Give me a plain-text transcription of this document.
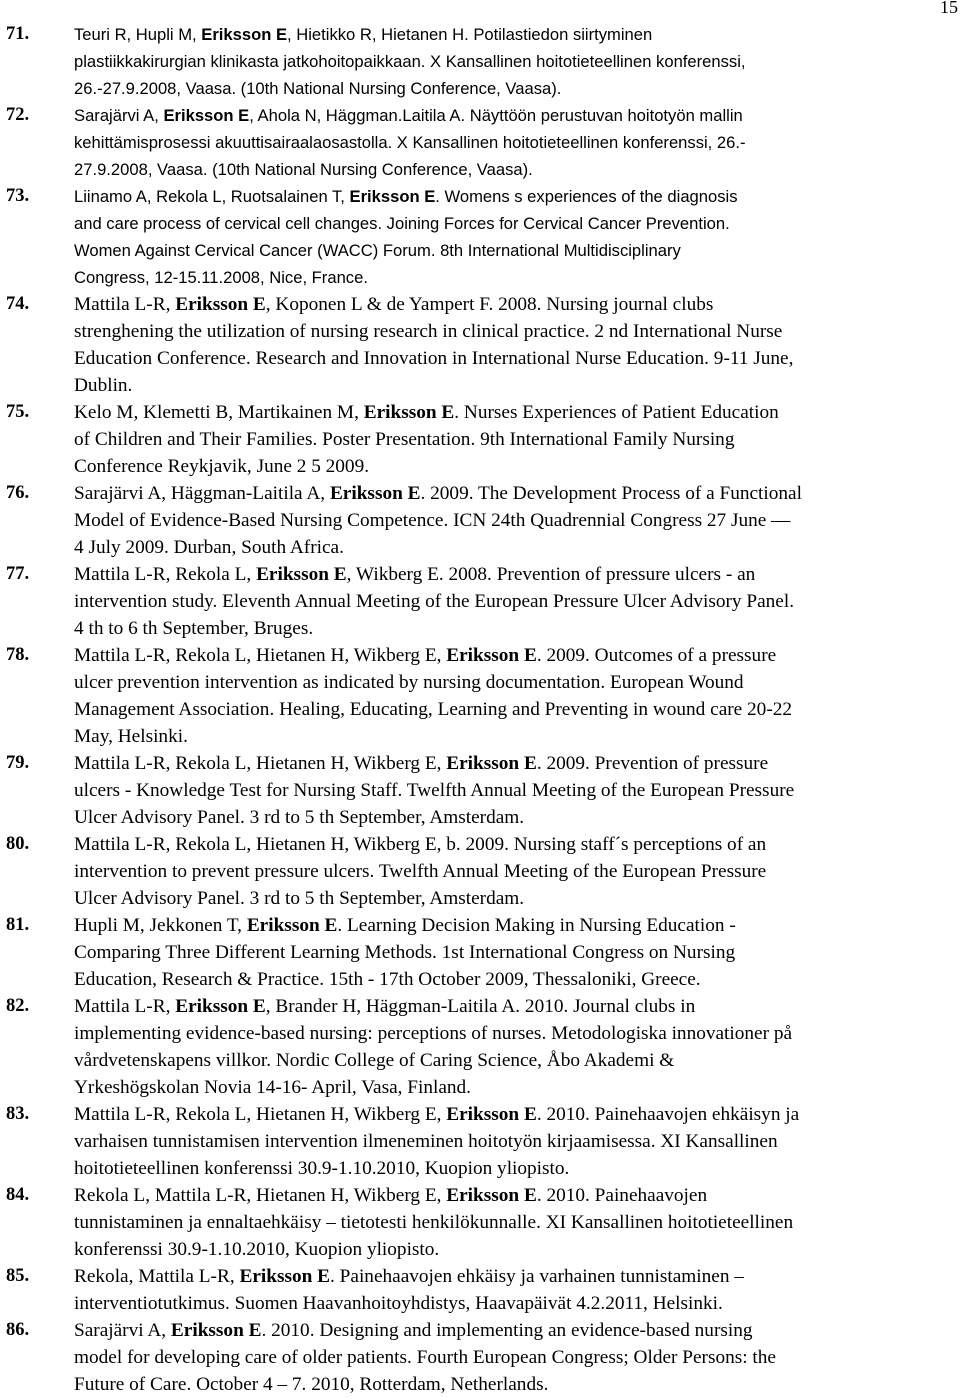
15
71.	Teuri R, Hupli M, Eriksson E, Hietikko R, Hietanen H. Potilastiedon siirtyminen
plastiikkakirurgian klinikasta jatkohoitopaikkaan. X Kansallinen hoitotieteellinen konferenssi,
26.-27.9.2008, Vaasa. (10th National Nursing Conference, Vaasa).
72.	Sarajärvi A, Eriksson E, Ahola N, Häggman.Laitila A. Näyttöön perustuvan hoitotyön mallin
kehittämisprosessi akuuttisairaalaosastolla. X Kansallinen hoitotieteellinen konferenssi, 26.-
27.9.2008, Vaasa. (10th National Nursing Conference, Vaasa).
73.	Liinamo A, Rekola L, Ruotsalainen T, Eriksson E. Womens s experiences of the diagnosis
and care process of cervical cell changes. Joining Forces for Cervical Cancer Prevention.
Women Against Cervical Cancer (WACC) Forum. 8th International Multidisciplinary
Congress, 12-15.11.2008, Nice, France.
74. Mattila L-R, Eriksson E, Koponen L & de Yampert F. 2008. Nursing journal clubs
strenghening the utilization of nursing research in clinical practice. 2 nd International Nurse
Education Conference. Research and Innovation in International Nurse Education. 9-11 June,
Dublin.
75. Kelo M, Klemetti B, Martikainen M, Eriksson E. Nurses Experiences of Patient Education
of Children and Their Families. Poster Presentation. 9th International Family Nursing
Conference Reykjavik, June 2 5 2009.
76. Sarajärvi A, Häggman-Laitila A, Eriksson E. 2009. The Development Process of a Functional
Model of Evidence-Based Nursing Competence. ICN 24th Quadrennial Congress 27 June —
4 July 2009. Durban, South Africa.
77. Mattila L-R, Rekola L, Eriksson E, Wikberg E. 2008. Prevention of pressure ulcers - an
intervention study. Eleventh Annual Meeting of the European Pressure Ulcer Advisory Panel.
4 th to 6 th September, Bruges.
78. Mattila L-R, Rekola L, Hietanen H, Wikberg E, Eriksson E. 2009. Outcomes of a pressure
ulcer prevention intervention as indicated by nursing documentation. European Wound
Management Association. Healing, Educating, Learning and Preventing in wound care 20-22
May, Helsinki.
79. Mattila L-R, Rekola L, Hietanen H, Wikberg E, Eriksson E. 2009. Prevention of pressure
ulcers - Knowledge Test for Nursing Staff. Twelfth Annual Meeting of the European Pressure
Ulcer Advisory Panel. 3 rd to 5 th September, Amsterdam.
80. Mattila L-R, Rekola L, Hietanen H, Wikberg E, b. 2009. Nursing staff´s perceptions of an
intervention to prevent pressure ulcers. Twelfth Annual Meeting of the European Pressure
Ulcer Advisory Panel. 3 rd to 5 th September, Amsterdam.
81. Hupli M, Jekkonen T, Eriksson E. Learning Decision Making in Nursing Education -
Comparing Three Different Learning Methods. 1st International Congress on Nursing
Education, Research & Practice. 15th - 17th October 2009, Thessaloniki, Greece.
82. Mattila L-R, Eriksson E, Brander H, Häggman-Laitila A. 2010. Journal clubs in
implementing evidence-based nursing: perceptions of nurses. Metodologiska innovationer på
vårdvetenskapens villkor. Nordic College of Caring Science, Åbo Akademi &
Yrkeshögskolan Novia 14-16- April, Vasa, Finland.
83. Mattila L-R, Rekola L, Hietanen H, Wikberg E, Eriksson E. 2010. Painehaavojen ehkäisyn ja
varhaisen tunnistamisen intervention ilmeneminen hoitotyön kirjaamisessa. XI Kansallinen
hoitotieteellinen konferenssi 30.9-1.10.2010, Kuopion yliopisto.
84. Rekola L, Mattila L-R, Hietanen H, Wikberg E, Eriksson E. 2010. Painehaavojen
tunnistaminen ja ennaltaehkäisy – tietotesti henkilökunnalle. XI Kansallinen hoitotieteellinen
konferenssi 30.9-1.10.2010, Kuopion yliopisto.
85. Rekola, Mattila L-R, Eriksson E. Painehaavojen ehkäisy ja varhainen tunnistaminen –
interventiotutkimus. Suomen Haavanhoitoyhdistys, Haavapäivät 4.2.2011, Helsinki.
86. Sarajärvi A, Eriksson E. 2010. Designing and implementing an evidence-based nursing
model for developing care of older patients. Fourth European Congress; Older Persons: the
Future of Care. October 4 – 7. 2010, Rotterdam, Netherlands.
